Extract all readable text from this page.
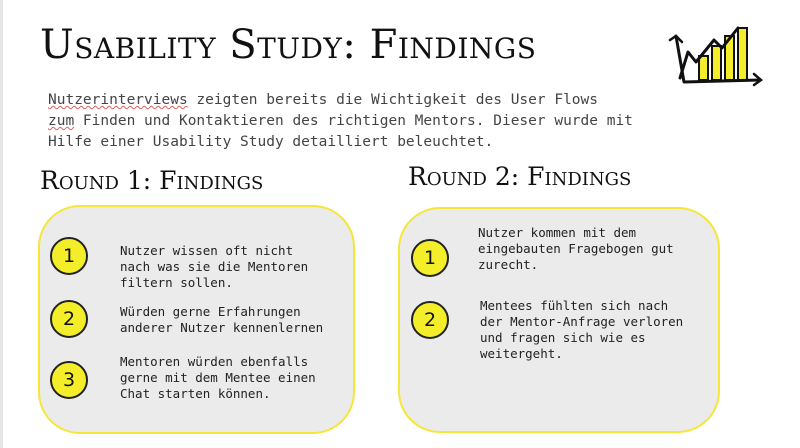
Usability Study: Findings

Nutzerinterviews zeigten bereits die Wichtigkeit des User Flows
zum Finden und Kontaktieren des richtigen Mentors. Dieser wurde mit Hilfe einer Usability Study detailliert beleuchtet.

Round 1: Findings	Round 2: Findings
1	Nutzer wissen oft nicht nach was sie die Mentoren filtern sollen.

2	Würden gerne Erfahrungen anderer Nutzer kennenlernen

3

Mentoren würden ebenfalls gerne mit dem Mentee einen Chat starten können.

1

Nutzer kommen mit dem eingebauten Fragebogen gut zurecht.

2

Mentees fühlten sich nach der Mentor-Anfrage verloren und fragen sich wie es weitergeht.
